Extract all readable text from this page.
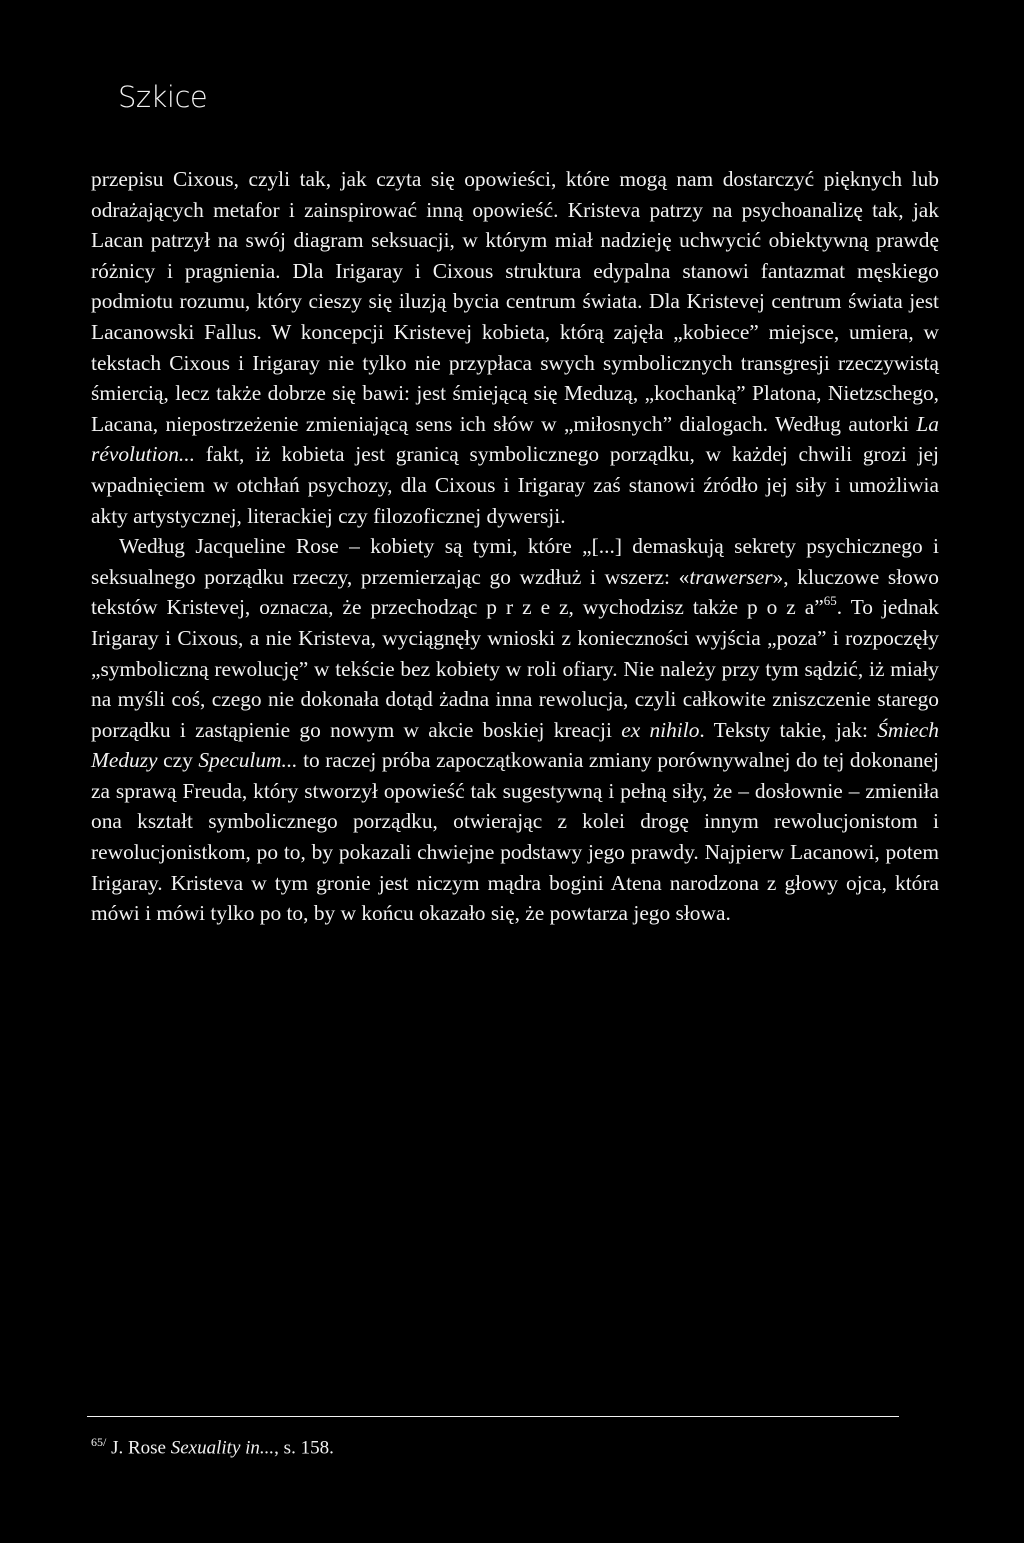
Szkice

przepisu Cixous, czyli tak, jak czyta się opowieści, które mogą nam dostarczyć pięknych lub odrażających metafor i zainspirować inną opowieść. Kristeva patrzy na psychoanalizę tak, jak Lacan patrzył na swój diagram seksuacji, w którym miał nadzieję uchwycić obiektywną prawdę różnicy i pragnienia. Dla Irigaray i Cixous struktura edypalna stanowi fantazmat męskiego podmiotu rozumu, który cieszy się iluzją bycia centrum świata. Dla Kristevej centrum świata jest Lacanowski Fallus. W koncepcji Kristevej kobieta, którą zajęła „kobiece” miejsce, umiera, w tekstach Cixous i Irigaray nie tylko nie przypłaca swych symbolicznych transgresji rzeczywistą śmiercią, lecz także dobrze się bawi: jest śmiejącą się Meduzą, „kochanką” Platona, Nietzschego, Lacana, niepostrzeżenie zmieniającą sens ich słów w „miłosnych” dialogach. Według autorki La révolution... fakt, iż kobieta jest granicą symbolicznego porządku, w każdej chwili grozi jej wpadnięciem w otchłań psychozy, dla Cixous i Irigaray zaś stanowi źródło jej siły i umożliwia akty artystycznej, literackiej czy filozoficznej dywersji.

Według Jacqueline Rose – kobiety są tymi, które „[...] demaskują sekrety psychicznego i seksualnego porządku rzeczy, przemierzając go wzdłuż i wszerz: «trawerser», kluczowe słowo tekstów Kristevej, oznacza, że przechodząc p r z e z, wychodzisz także p o z a”$^{65}$. To jednak Irigaray i Cixous, a nie Kristeva, wyciągnęły wnioski z konieczności wyjścia „poza” i rozpoczęły „symboliczną rewolucję” w tekście bez kobiety w roli ofiary. Nie należy przy tym sądzić, iż miały na myśli coś, czego nie dokonała dotąd żadna inna rewolucja, czyli całkowite zniszczenie starego porządku i zastąpienie go nowym w akcie boskiej kreacji ex nihilo. Teksty takie, jak: Śmiech Meduzy czy Speculum... to raczej próba zapoczątkowania zmiany porównywalnej do tej dokonanej za sprawą Freuda, który stworzył opowieść tak sugestywną i pełną siły, że – dosłownie – zmieniła ona kształt symbolicznego porządku, otwierając z kolei drogę innym rewolucjonistom i rewolucjonistkom, po to, by pokazali chwiejne podstawy jego prawdy. Najpierw Lacanowi, potem Irigaray. Kristeva w tym gronie jest niczym mądra bogini Atena narodzona z głowy ojca, która mówi i mówi tylko po to, by w końcu okazało się, że powtarza jego słowa.

$^{65/}$ J. Rose Sexuality in..., s. 158.
